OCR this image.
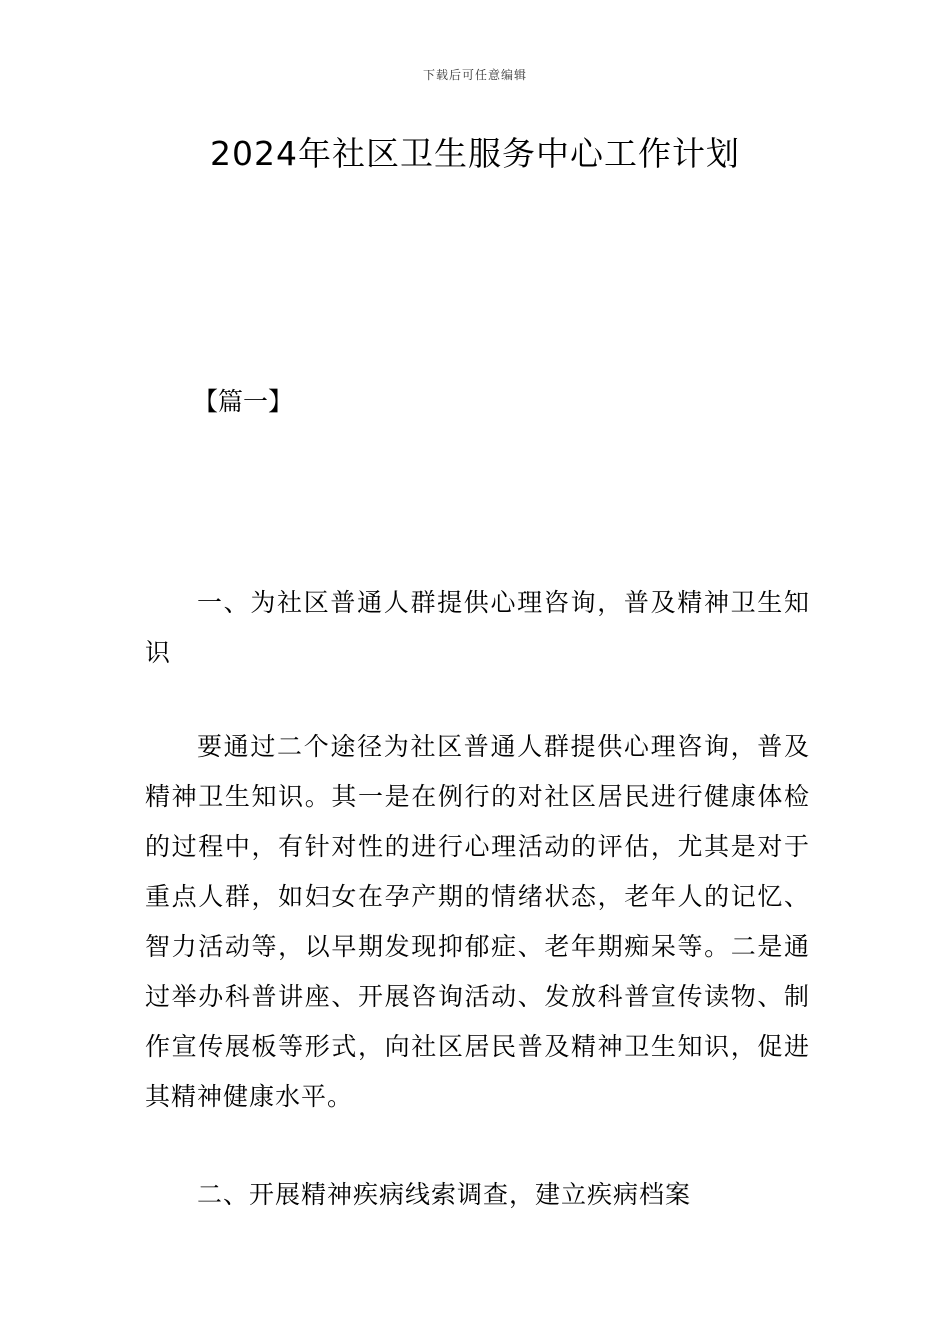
下载后可任意编辑
2024年社区卫生服务中心工作计划
【篇一】
一、为社区普通人群提供心理咨询，普及精神卫生知识
要通过二个途径为社区普通人群提供心理咨询，普及精神卫生知识。其一是在例行的对社区居民进行健康体检的过程中，有针对性的进行心理活动的评估，尤其是对于重点人群，如妇女在孕产期的情绪状态，老年人的记忆、智力活动等，以早期发现抑郁症、老年期痴呆等。二是通过举办科普讲座、开展咨询活动、发放科普宣传读物、制作宣传展板等形式，向社区居民普及精神卫生知识，促进其精神健康水平。
二、开展精神疾病线索调查，建立疾病档案
